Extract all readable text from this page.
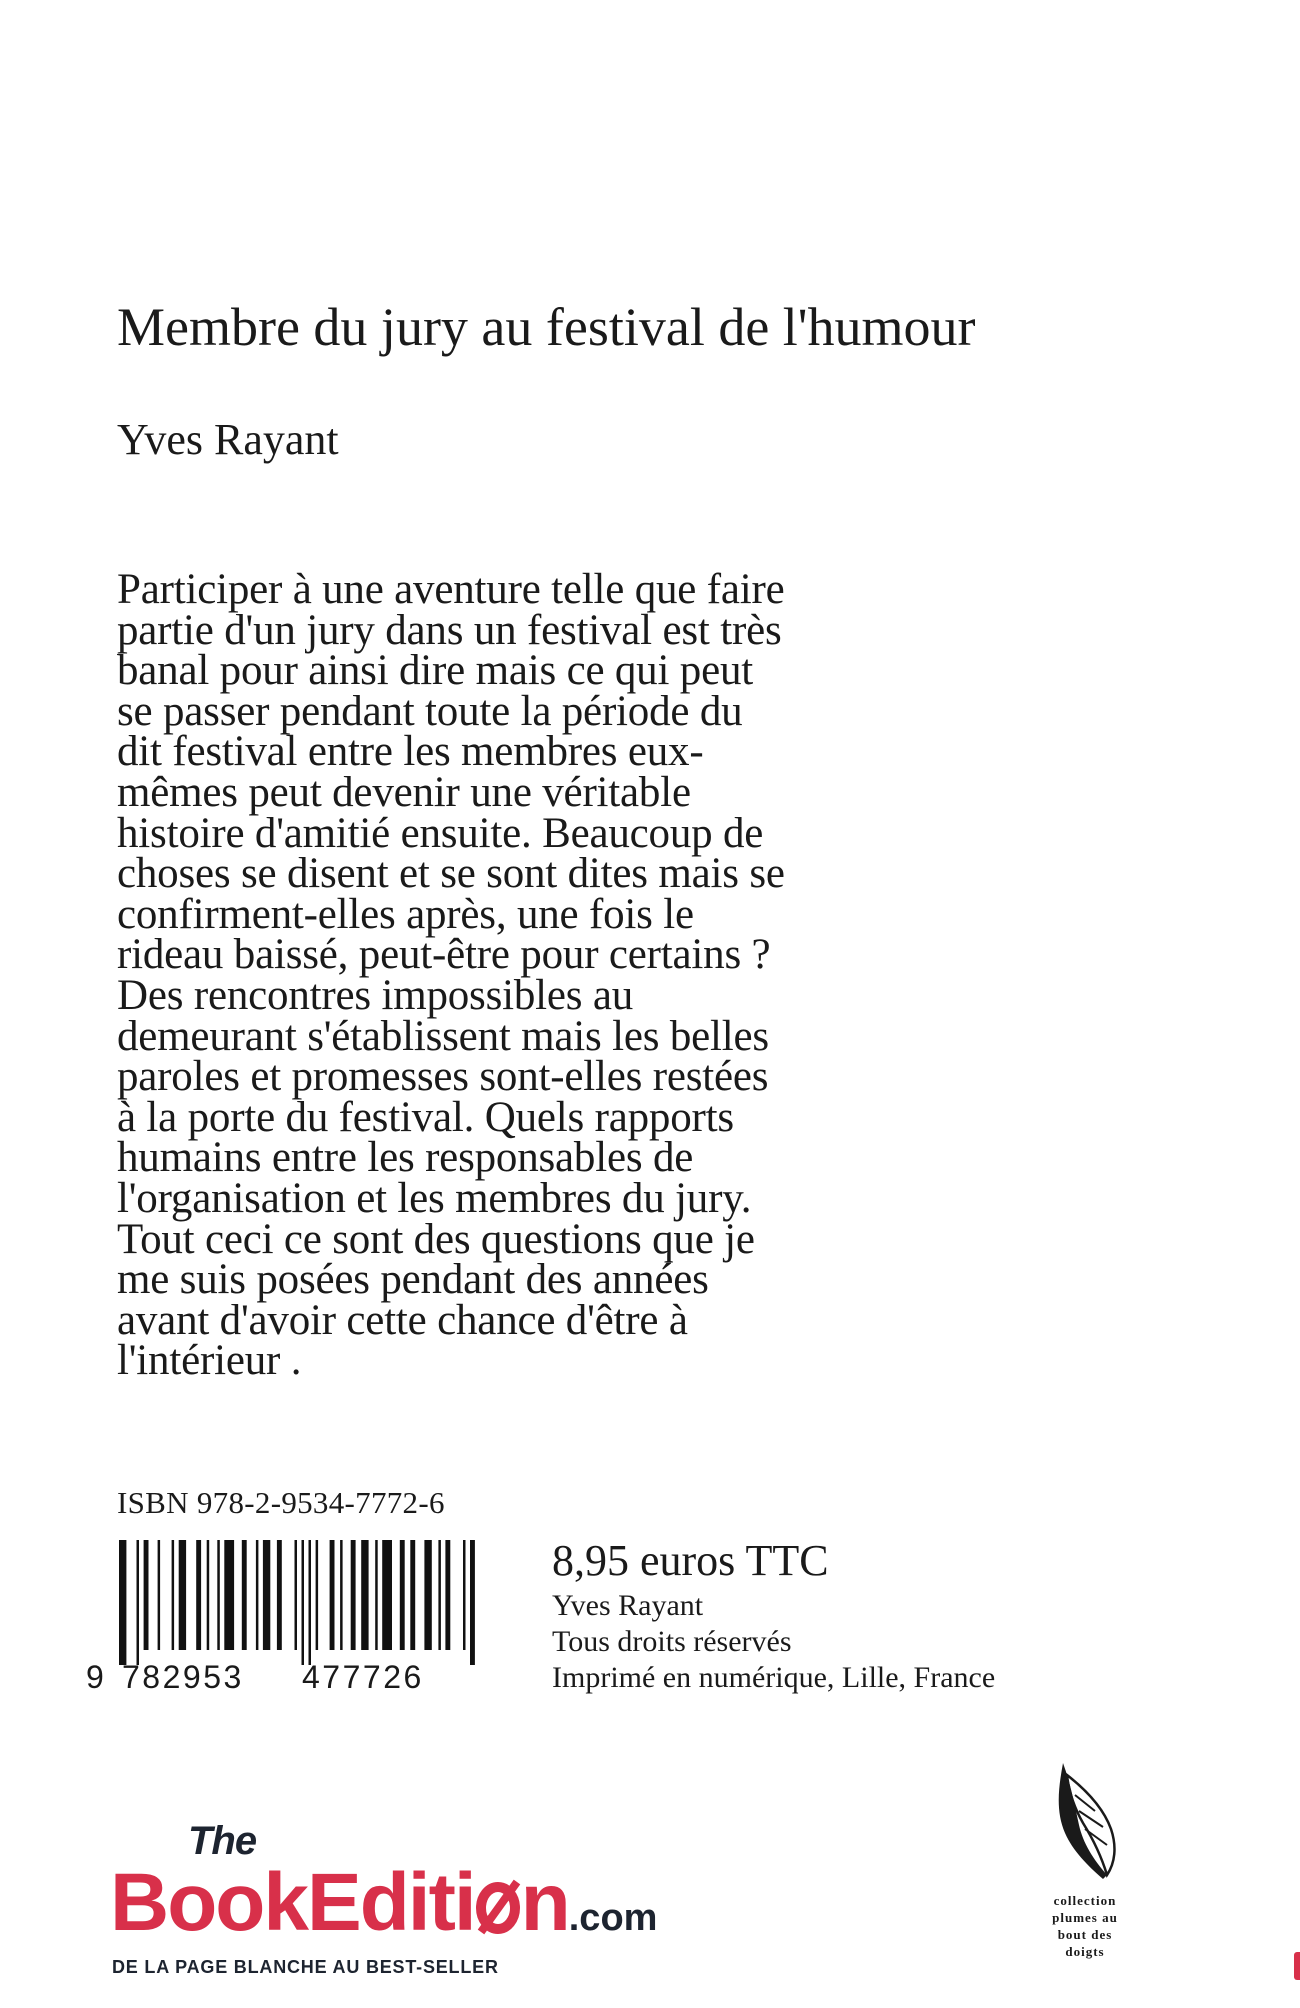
Membre du jury au festival de l'humour
Yves Rayant
Participer à une aventure telle que faire
partie d'un jury dans un festival est très
banal pour ainsi dire mais ce qui peut
se passer pendant toute la période du
dit festival entre les membres eux-
mêmes peut devenir une véritable
histoire d'amitié ensuite. Beaucoup de
choses se disent et se sont dites mais se
confirment-elles après, une fois le
rideau baissé, peut-être pour certains ?
Des rencontres impossibles au
demeurant s'établissent mais les belles
paroles et promesses sont-elles restées
à la porte du festival. Quels rapports
humains entre les responsables de
l'organisation et les membres du jury.
Tout ceci ce sont des questions que je
me suis posées pendant des années
avant d'avoir cette chance d'être à
l'intérieur .
ISBN 978-2-9534-7772-6
9 782953 477726
8,95 euros TTC
Yves Rayant
Tous droits réservés
Imprimé en numérique, Lille, France
collection
plumes au
bout des
doigts
The
BookEditi n.com
DE LA PAGE BLANCHE AU BEST-SELLER
